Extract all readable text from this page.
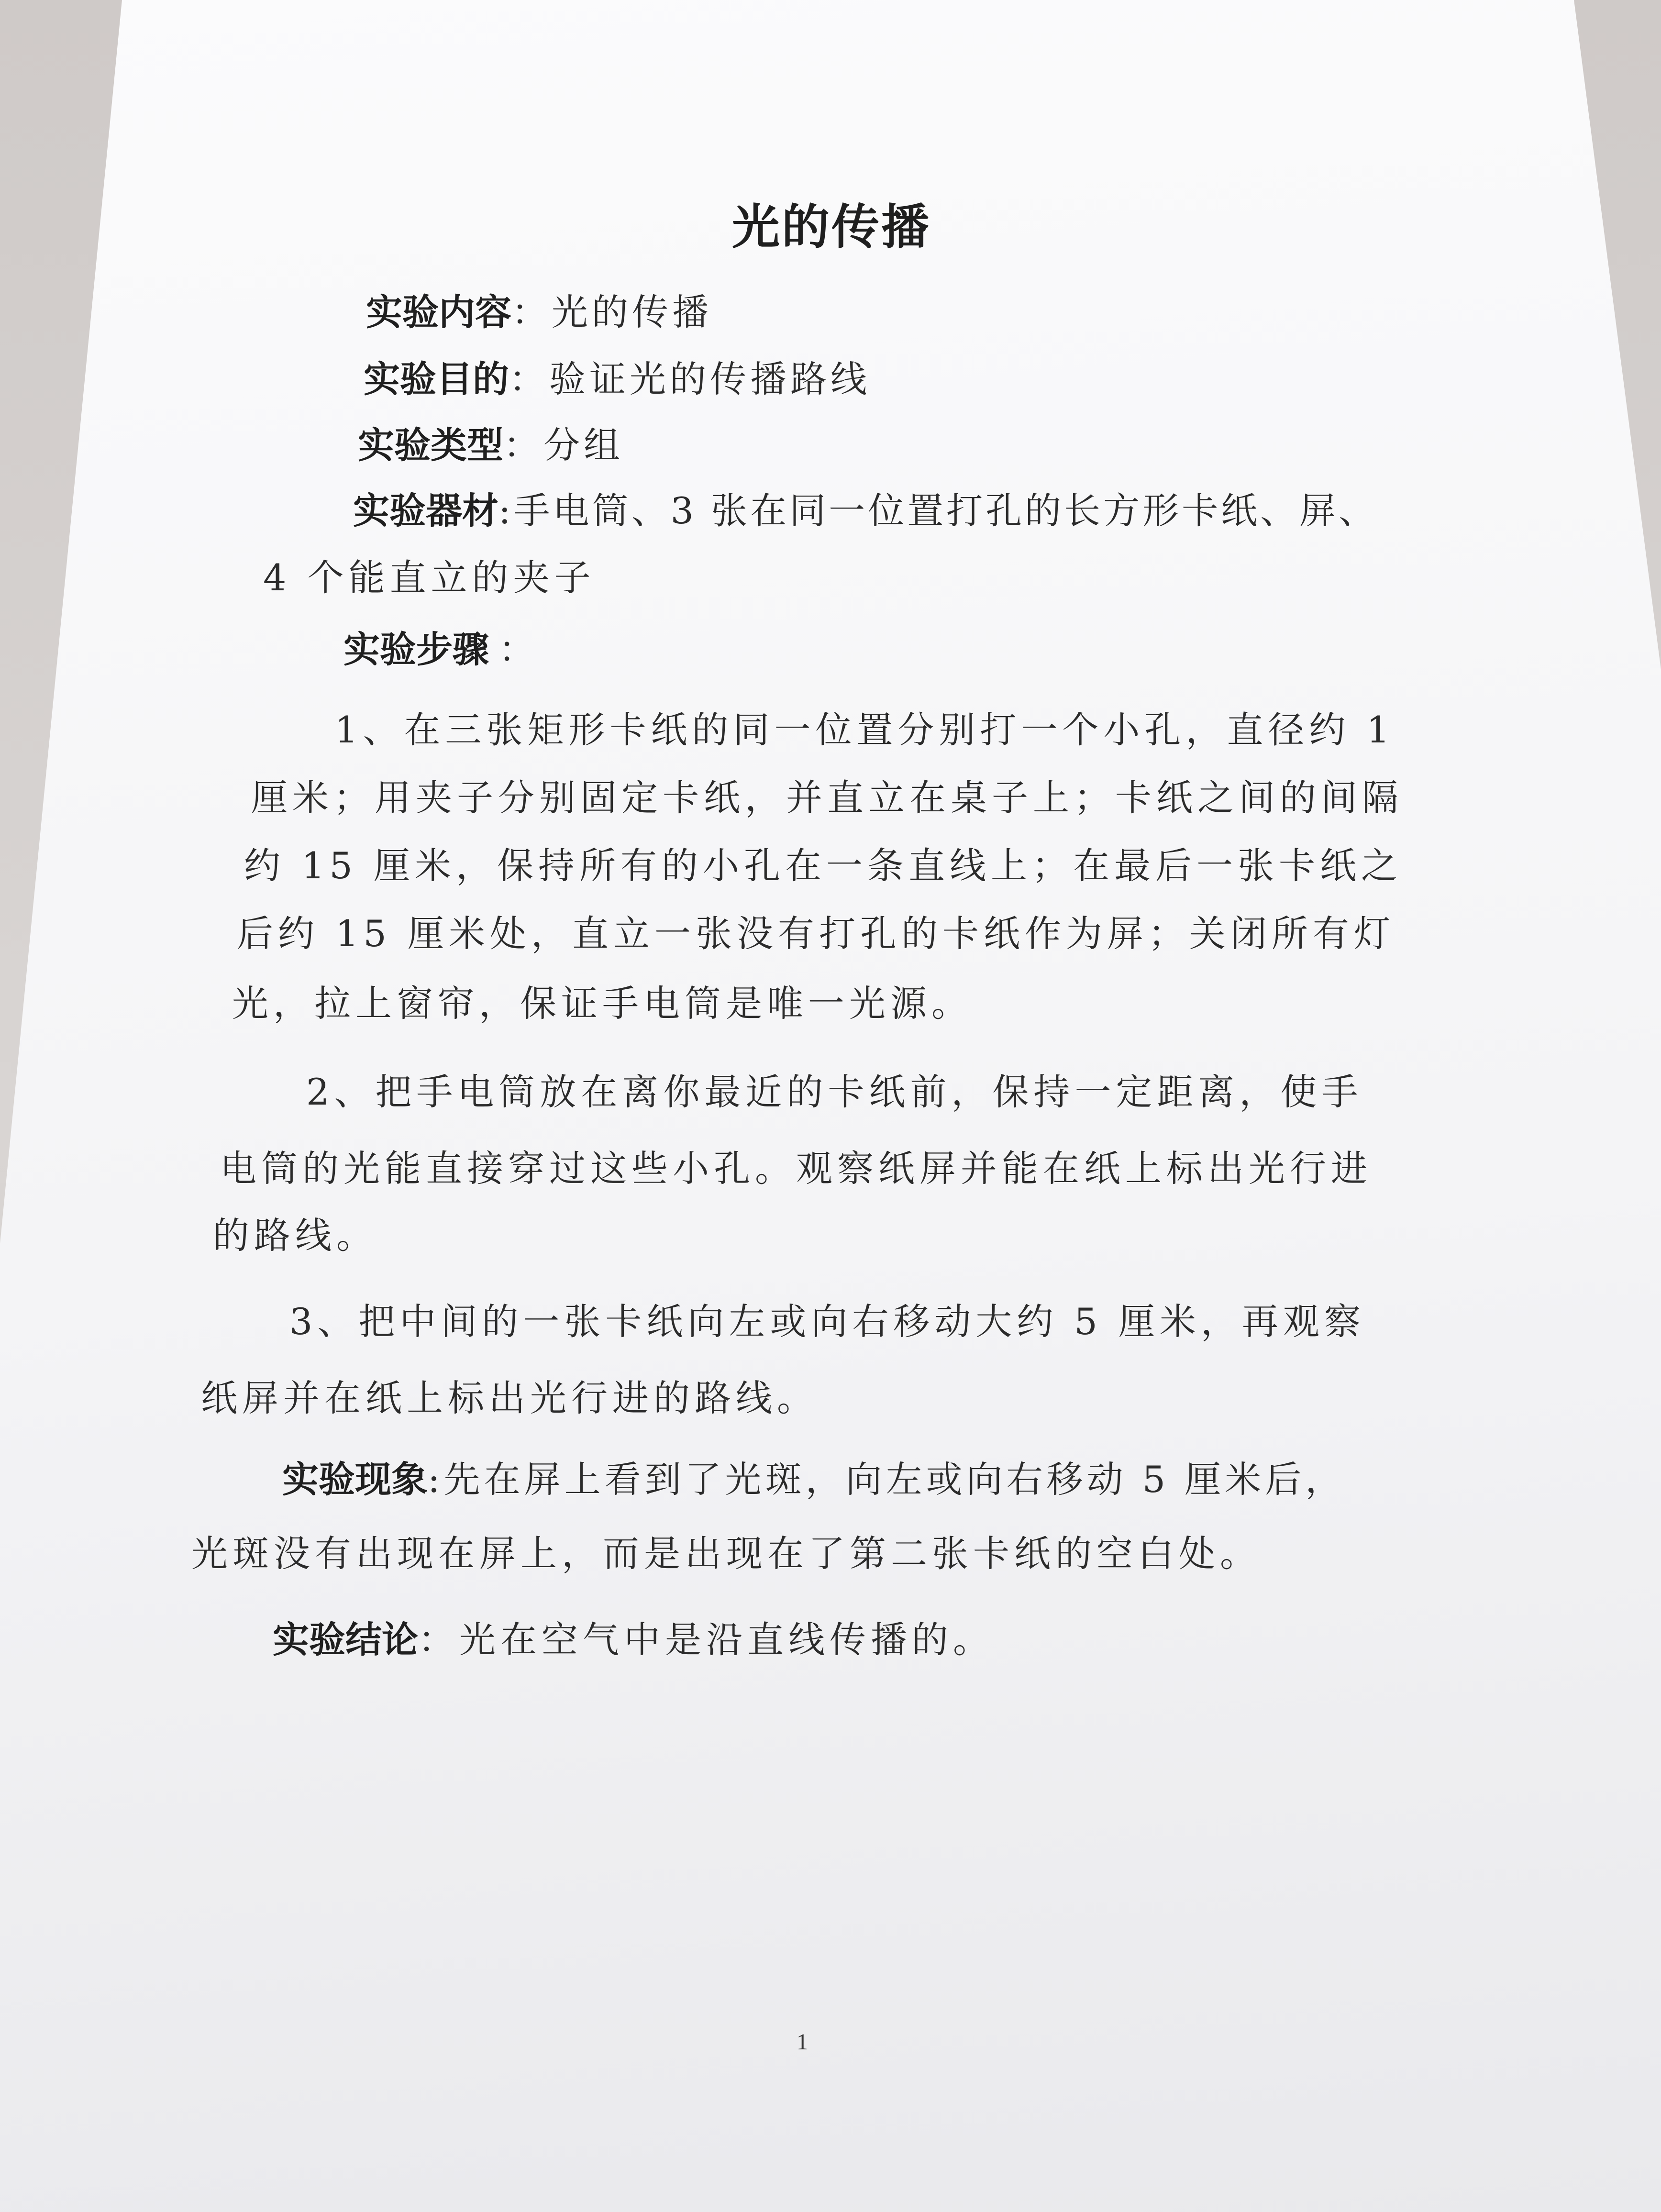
光的传播
实验内容：光的传播
实验目的：验证光的传播路线
实验类型：分组
实验器材:手电筒、3 张在同一位置打孔的长方形卡纸、屏、
4 个能直立的夹子
实验步骤 ：
1、在三张矩形卡纸的同一位置分别打一个小孔，直径约 1
厘米；用夹子分别固定卡纸，并直立在桌子上；卡纸之间的间隔
约 15 厘米，保持所有的小孔在一条直线上；在最后一张卡纸之
后约 15 厘米处，直立一张没有打孔的卡纸作为屏；关闭所有灯
光，拉上窗帘，保证手电筒是唯一光源。
2、把手电筒放在离你最近的卡纸前，保持一定距离，使手
电筒的光能直接穿过这些小孔。观察纸屏并能在纸上标出光行进
的路线。
3、把中间的一张卡纸向左或向右移动大约 5 厘米，再观察
纸屏并在纸上标出光行进的路线。
实验现象:先在屏上看到了光斑，向左或向右移动 5 厘米后，
光斑没有出现在屏上，而是出现在了第二张卡纸的空白处。
实验结论：光在空气中是沿直线传播的。
1
